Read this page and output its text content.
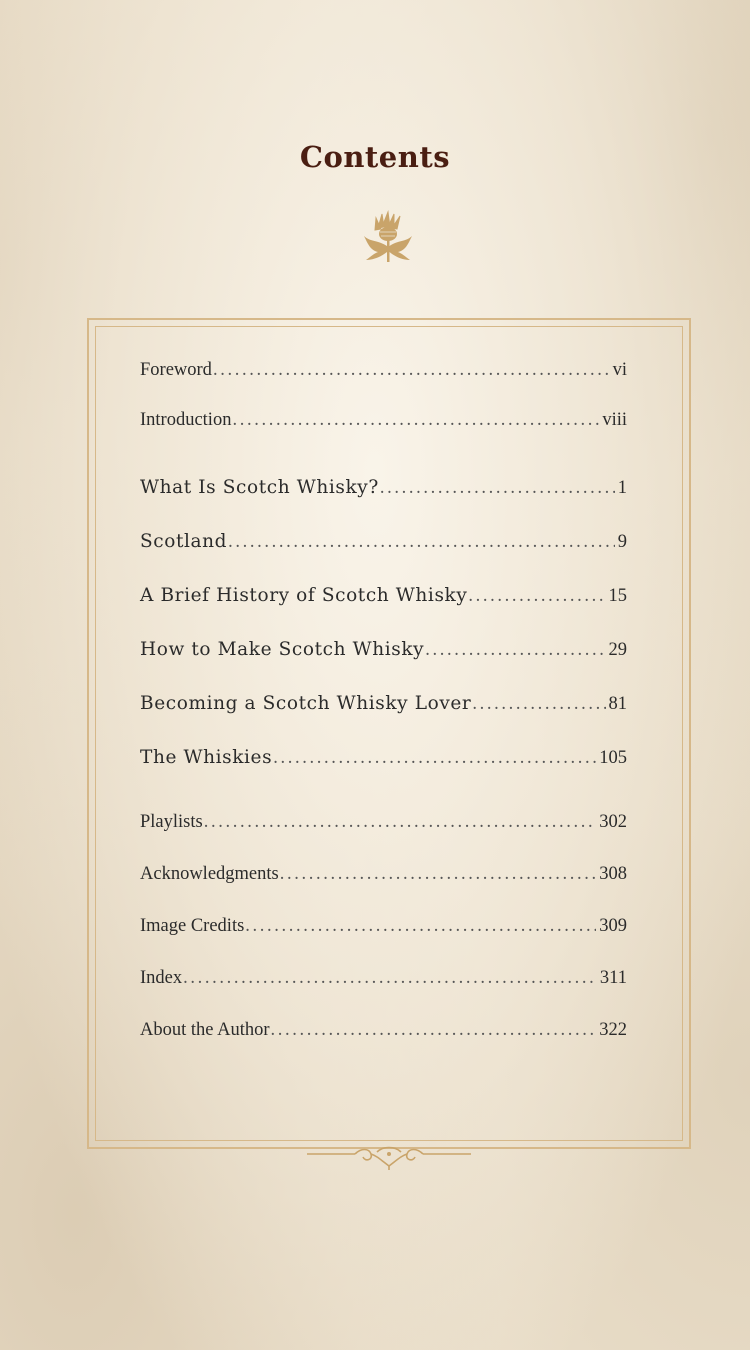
Contents
Foreword . . .	vi
Introduction . . .	viii
What Is Scotch Whisky? . . .	1
Scotland . . .	9
A Brief History of Scotch Whisky . . .	15
How to Make Scotch Whisky . . .	29
Becoming a Scotch Whisky Lover . . .	81
The Whiskies . . .	105
Playlists . . .	302
Acknowledgments . . .	308
Image Credits . . .	309
Index . . .	311
About the Author . . .	322
